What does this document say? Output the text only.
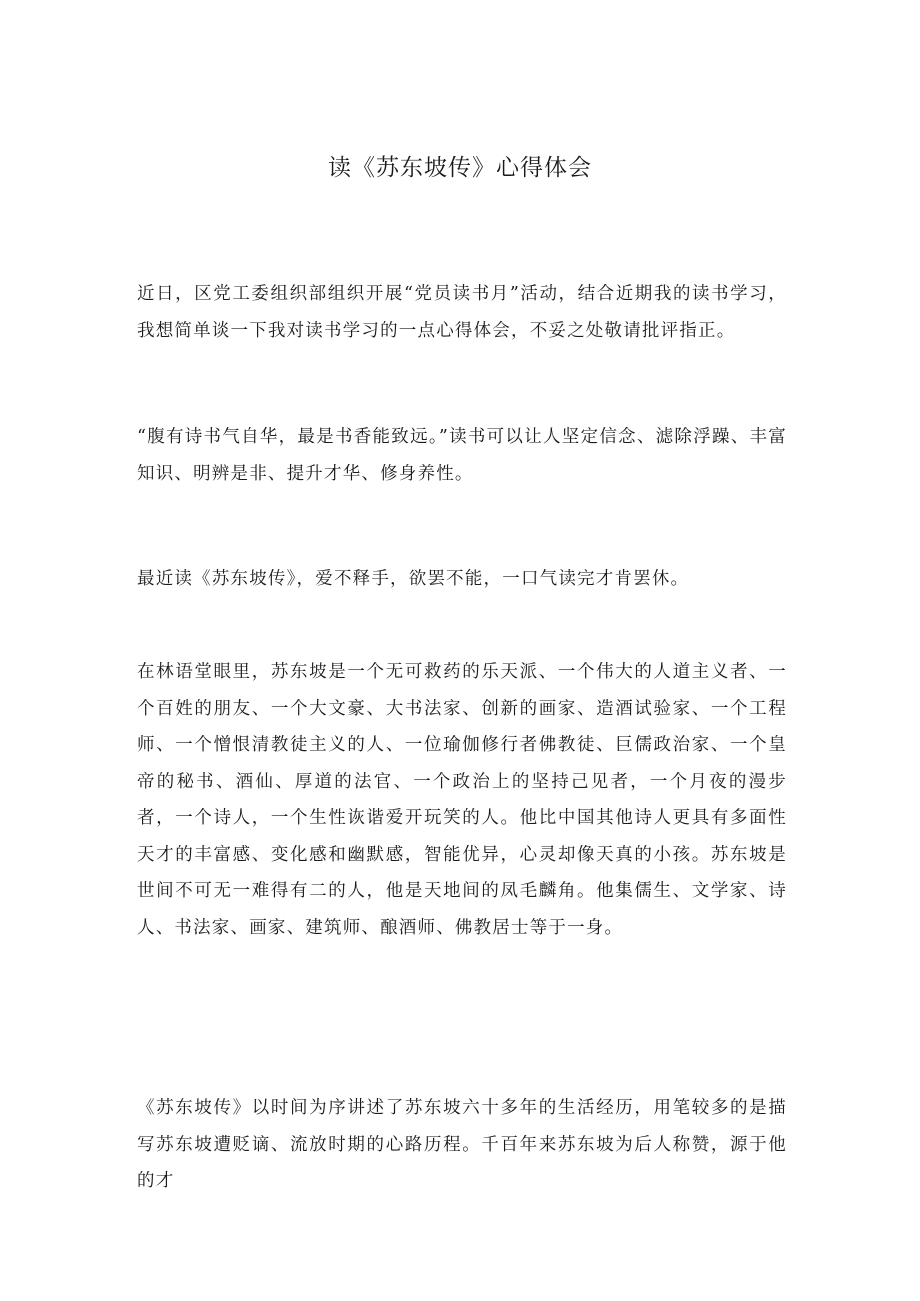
读《苏东坡传》心得体会

近日，区党工委组织部组织开展“党员读书月”活动，结合近期我的读书学习，我想简单谈一下我对读书学习的一点心得体会，不妥之处敬请批评指正。

“腹有诗书气自华，最是书香能致远。”读书可以让人坚定信念、滤除浮躁、丰富知识、明辨是非、提升才华、修身养性。

最近读《苏东坡传》，爱不释手，欲罢不能，一口气读完才肯罢休。

在林语堂眼里，苏东坡是一个无可救药的乐天派、一个伟大的人道主义者、一个百姓的朋友、一个大文豪、大书法家、创新的画家、造酒试验家、一个工程师、一个憎恨清教徒主义的人、一位瑜伽修行者佛教徒、巨儒政治家、一个皇帝的秘书、酒仙、厚道的法官、一个政治上的坚持己见者，一个月夜的漫步者，一个诗人，一个生性诙谐爱开玩笑的人。他比中国其他诗人更具有多面性天才的丰富感、变化感和幽默感，智能优异，心灵却像天真的小孩。苏东坡是世间不可无一难得有二的人，他是天地间的凤毛麟角。他集儒生、文学家、诗人、书法家、画家、建筑师、酿酒师、佛教居士等于一身。

《苏东坡传》以时间为序讲述了苏东坡六十多年的生活经历，用笔较多的是描写苏东坡遭贬谪、流放时期的心路历程。千百年来苏东坡为后人称赞，源于他的才
